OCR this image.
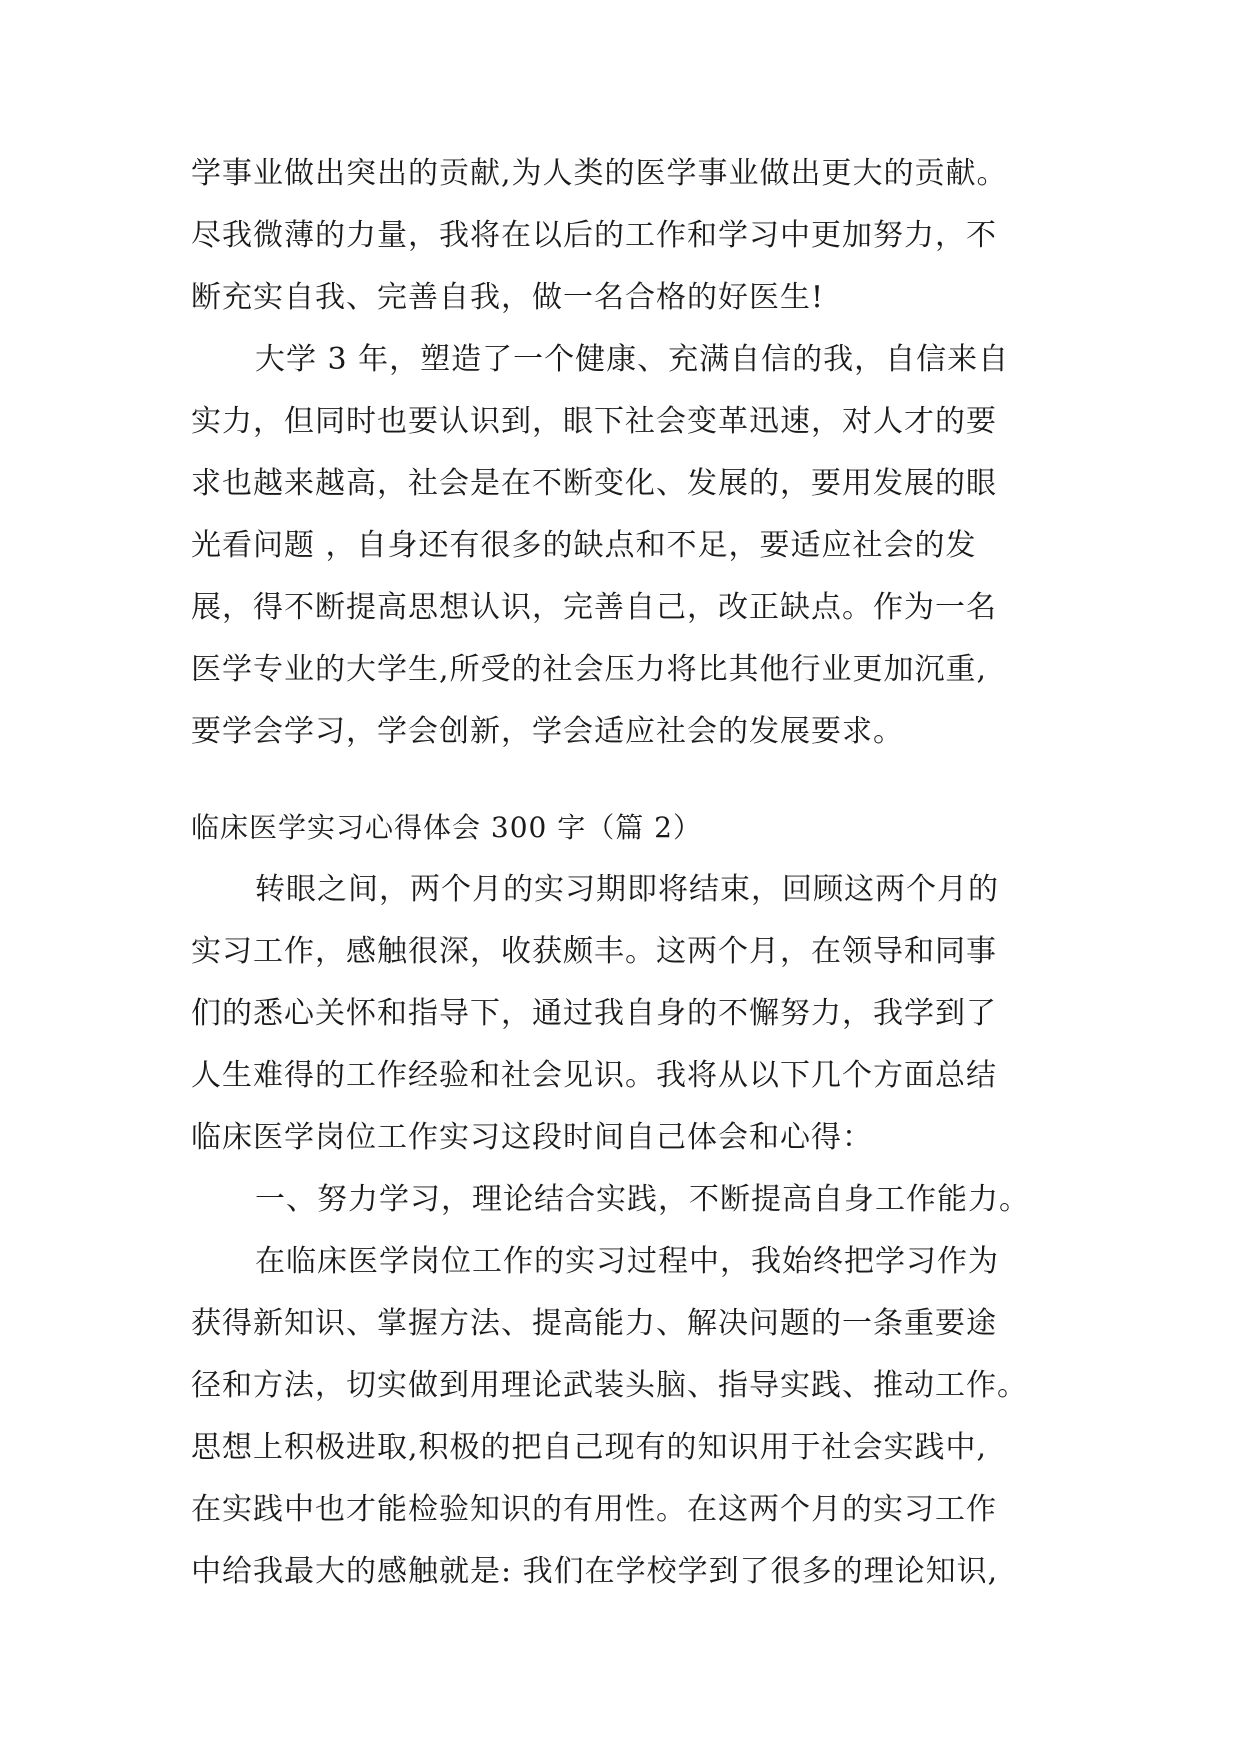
学事业做出突出的贡献,为人类的医学事业做出更大的贡献。
尽我微薄的力量，我将在以后的工作和学习中更加努力，不
断充实自我、完善自我，做一名合格的好医生!
大学 3 年，塑造了一个健康、充满自信的我，自信来自
实力，但同时也要认识到，眼下社会变革迅速，对人才的要
求也越来越高，社会是在不断变化、发展的，要用发展的眼
光看问题 ，自身还有很多的缺点和不足，要适应社会的发
展，得不断提高思想认识，完善自己，改正缺点。作为一名
医学专业的大学生,所受的社会压力将比其他行业更加沉重,
要学会学习，学会创新，学会适应社会的发展要求。
临床医学实习心得体会 300 字（篇 2）
转眼之间，两个月的实习期即将结束，回顾这两个月的
实习工作，感触很深，收获颇丰。这两个月，在领导和同事
们的悉心关怀和指导下，通过我自身的不懈努力，我学到了
人生难得的工作经验和社会见识。我将从以下几个方面总结
临床医学岗位工作实习这段时间自己体会和心得：
一、努力学习，理论结合实践，不断提高自身工作能力。
在临床医学岗位工作的实习过程中，我始终把学习作为
获得新知识、掌握方法、提高能力、解决问题的一条重要途
径和方法，切实做到用理论武装头脑、指导实践、推动工作。
思想上积极进取,积极的把自己现有的知识用于社会实践中,
在实践中也才能检验知识的有用性。在这两个月的实习工作
中给我最大的感触就是: 我们在学校学到了很多的理论知识,
